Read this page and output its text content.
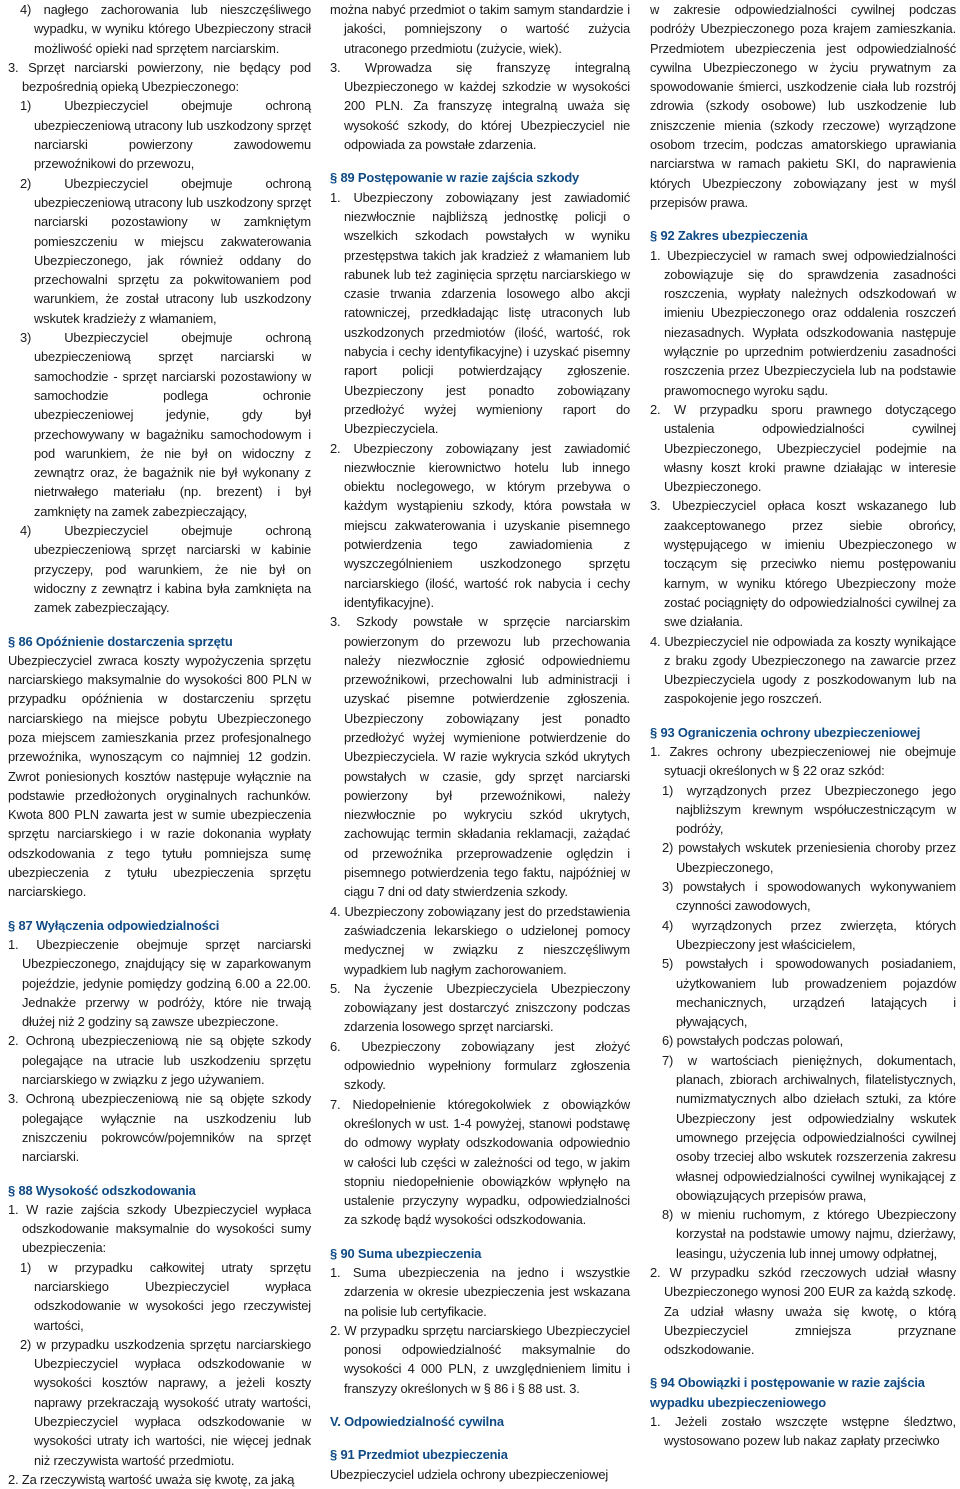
4) nagłego zachorowania lub nieszczęśliwego wypadku, w wyniku którego Ubezpieczony stracił możliwość opieki nad sprzętem narciarskim.

3. Sprzęt narciarski powierzony, nie będący pod bezpośrednią opieką Ubezpieczonego:

1) Ubezpieczyciel obejmuje ochroną ubezpieczeniową utracony lub uszkodzony sprzęt narciarski powierzony zawodowemu przewoźnikowi do przewozu,

2) Ubezpieczyciel obejmuje ochroną ubezpieczeniową utracony lub uszkodzony sprzęt narciarski pozostawiony w zamkniętym pomieszczeniu w miejscu zakwaterowania Ubezpieczonego, jak również oddany do przechowalni sprzętu za pokwitowaniem pod warunkiem, że został utracony lub uszkodzony wskutek kradzieży z włamaniem,

3) Ubezpieczyciel obejmuje ochroną ubezpieczeniową sprzęt narciarski w samochodzie - sprzęt narciarski pozostawiony w samochodzie podlega ochronie ubezpieczeniowej jedynie, gdy był przechowywany w bagażniku samochodowym i pod warunkiem, że nie był on widoczny z zewnątrz oraz, że bagażnik nie był wykonany z nietrwałego materiału (np. brezent) i był zamknięty na zamek zabezpieczający,

4) Ubezpieczyciel obejmuje ochroną ubezpieczeniową sprzęt narciarski w kabinie przyczepy, pod warunkiem, że nie był on widoczny z zewnątrz i kabina była zamknięta na zamek zabezpieczający.

§ 86 Opóźnienie dostarczenia sprzętu

Ubezpieczyciel zwraca koszty wypożyczenia sprzętu narciarskiego maksymalnie do wysokości 800 PLN w przypadku opóźnienia w dostarczeniu sprzętu narciarskiego na miejsce pobytu Ubezpieczonego poza miejscem zamieszkania przez profesjonalnego przewoźnika, wynoszącym co najmniej 12 godzin. Zwrot poniesionych kosztów następuje wyłącznie na podstawie przedłożonych oryginalnych rachunków. Kwota 800 PLN zawarta jest w sumie ubezpieczenia sprzętu narciarskiego i w razie dokonania wypłaty odszkodowania z tego tytułu pomniejsza sumę ubezpieczenia z tytułu ubezpieczenia sprzętu narciarskiego.

§ 87 Wyłączenia odpowiedzialności

1. Ubezpieczenie obejmuje sprzęt narciarski Ubezpieczonego, znajdujący się w zaparkowanym pojeździe, jedynie pomiędzy godziną 6.00 a 22.00. Jednakże przerwy w podróży, które nie trwają dłużej niż 2 godziny są zawsze ubezpieczone.

2. Ochroną ubezpieczeniową nie są objęte szkody polegające na utracie lub uszkodzeniu sprzętu narciarskiego w związku z jego używaniem.

3. Ochroną ubezpieczeniową nie są objęte szkody polegające wyłącznie na uszkodzeniu lub zniszczeniu pokrowców/pojemników na sprzęt narciarski.

§ 88 Wysokość odszkodowania

1. W razie zajścia szkody Ubezpieczyciel wypłaca odszkodowanie maksymalnie do wysokości sumy ubezpieczenia:

1) w przypadku całkowitej utraty sprzętu narciarskiego Ubezpieczyciel wypłaca odszkodowanie w wysokości jego rzeczywistej wartości,

2) w przypadku uszkodzenia sprzętu narciarskiego Ubezpieczyciel wypłaca odszkodowanie w wysokości kosztów naprawy, a jeżeli koszty naprawy przekraczają wysokość utraty wartości, Ubezpieczyciel wypłaca odszkodowanie w wysokości utraty ich wartości, nie więcej jednak niż rzeczywista wartość przedmiotu.

2. Za rzeczywistą wartość uważa się kwotę, za jaką

można nabyć przedmiot o takim samym standardzie i jakości, pomniejszony o wartość zużycia utraconego przedmiotu (zużycie, wiek).

3. Wprowadza się franszyzę integralną Ubezpieczonego w każdej szkodzie w wysokości 200 PLN. Za franszyzę integralną uważa się wysokość szkody, do której Ubezpieczyciel nie odpowiada za powstałe zdarzenia.

§ 89 Postępowanie w razie zajścia szkody

1. Ubezpieczony zobowiązany jest zawiadomić niezwłocznie najbliższą jednostkę policji o wszelkich szkodach powstałych w wyniku przestępstwa takich jak kradzież z włamaniem lub rabunek lub też zaginięcia sprzętu narciarskiego w czasie trwania zdarzenia losowego albo akcji ratowniczej, przedkładając listę utraconych lub uszkodzonych przedmiotów (ilość, wartość, rok nabycia i cechy identyfikacyjne) i uzyskać pisemny raport policji potwierdzający zgłoszenie. Ubezpieczony jest ponadto zobowiązany przedłożyć wyżej wymieniony raport do Ubezpieczyciela.

2. Ubezpieczony zobowiązany jest zawiadomić niezwłocznie kierownictwo hotelu lub innego obiektu noclegowego, w którym przebywa o każdym wystąpieniu szkody, która powstała w miejscu zakwaterowania i uzyskanie pisemnego potwierdzenia tego zawiadomienia z wyszczególnieniem uszkodzonego sprzętu narciarskiego (ilość, wartość rok nabycia i cechy identyfikacyjne).

3. Szkody powstałe w sprzęcie narciarskim powierzonym do przewozu lub przechowania należy niezwłocznie zgłosić odpowiedniemu przewoźnikowi, przechowalni lub administracji i uzyskać pisemne potwierdzenie zgłoszenia. Ubezpieczony zobowiązany jest ponadto przedłożyć wyżej wymienione potwierdzenie do Ubezpieczyciela. W razie wykrycia szkód ukrytych powstałych w czasie, gdy sprzęt narciarski powierzony był przewoźnikowi, należy niezwłocznie po wykryciu szkód ukrytych, zachowując termin składania reklamacji, zażądać od przewoźnika przeprowadzenie oględzin i pisemnego potwierdzenia tego faktu, najpóźniej w ciągu 7 dni od daty stwierdzenia szkody.

4. Ubezpieczony zobowiązany jest do przedstawienia zaświadczenia lekarskiego o udzielonej pomocy medycznej w związku z nieszczęśliwym wypadkiem lub nagłym zachorowaniem.

5. Na życzenie Ubezpieczyciela Ubezpieczony zobowiązany jest dostarczyć zniszczony podczas zdarzenia losowego sprzęt narciarski.

6. Ubezpieczony zobowiązany jest złożyć odpowiednio wypełniony formularz zgłoszenia szkody.

7. Niedopełnienie któregokolwiek z obowiązków określonych w ust. 1-4 powyżej, stanowi podstawę do odmowy wypłaty odszkodowania odpowiednio w całości lub części w zależności od tego, w jakim stopniu niedopełnienie obowiązków wpłynęło na ustalenie przyczyny wypadku, odpowiedzialności za szkodę bądź wysokości odszkodowania.

§ 90 Suma ubezpieczenia

1. Suma ubezpieczenia na jedno i wszystkie zdarzenia w okresie ubezpieczenia jest wskazana na polisie lub certyfikacie.

2. W przypadku sprzętu narciarskiego Ubezpieczyciel ponosi odpowiedzialność maksymalnie do wysokości 4 000 PLN, z uwzględnieniem limitu i franszyzy określonych w § 86 i § 88 ust. 3.

V. Odpowiedzialność cywilna

§ 91 Przedmiot ubezpieczenia

Ubezpieczyciel udziela ochrony ubezpieczeniowej

w zakresie odpowiedzialności cywilnej podczas podróży Ubezpieczonego poza krajem zamieszkania. Przedmiotem ubezpieczenia jest odpowiedzialność cywilna Ubezpieczonego w życiu prywatnym za spowodowanie śmierci, uszkodzenie ciała lub rozstrój zdrowia (szkody osobowe) lub uszkodzenie lub zniszczenie mienia (szkody rzeczowe) wyrządzone osobom trzecim, podczas amatorskiego uprawiania narciarstwa w ramach pakietu SKI, do naprawienia których Ubezpieczony zobowiązany jest w myśl przepisów prawa.

§ 92 Zakres ubezpieczenia

1. Ubezpieczyciel w ramach swej odpowiedzialności zobowiązuje się do sprawdzenia zasadności roszczenia, wypłaty należnych odszkodowań w imieniu Ubezpieczonego oraz oddalenia roszczeń niezasadnych. Wypłata odszkodowania następuje wyłącznie po uprzednim potwierdzeniu zasadności roszczenia przez Ubezpieczyciela lub na podstawie prawomocnego wyroku sądu.

2. W przypadku sporu prawnego dotyczącego ustalenia odpowiedzialności cywilnej Ubezpieczonego, Ubezpieczyciel podejmie na własny koszt kroki prawne działając w interesie Ubezpieczonego.

3. Ubezpieczyciel opłaca koszt wskazanego lub zaakceptowanego przez siebie obrońcy, występującego w imieniu Ubezpieczonego w toczącym się przeciwko niemu postępowaniu karnym, w wyniku którego Ubezpieczony może zostać pociągnięty do odpowiedzialności cywilnej za swe działania.

4. Ubezpieczyciel nie odpowiada za koszty wynikające z braku zgody Ubezpieczonego na zawarcie przez Ubezpieczyciela ugody z poszkodowanym lub na zaspokojenie jego roszczeń.

§ 93 Ograniczenia ochrony ubezpieczeniowej

1. Zakres ochrony ubezpieczeniowej nie obejmuje sytuacji określonych w § 22 oraz szkód:

1) wyrządzonych przez Ubezpieczonego jego najbliższym krewnym współuczestniczącym w podróży,

2) powstałych wskutek przeniesienia choroby przez Ubezpieczonego,

3) powstałych i spowodowanych wykonywaniem czynności zawodowych,

4) wyrządzonych przez zwierzęta, których Ubezpieczony jest właścicielem,

5) powstałych i spowodowanych posiadaniem, użytkowaniem lub prowadzeniem pojazdów mechanicznych, urządzeń latających i pływających,

6) powstałych podczas polowań,

7) w wartościach pieniężnych, dokumentach, planach, zbiorach archiwalnych, filatelistycznych, numizmatycznych albo dziełach sztuki, za które Ubezpieczony jest odpowiedzialny wskutek umownego przejęcia odpowiedzialności cywilnej osoby trzeciej albo wskutek rozszerzenia zakresu własnej odpowiedzialności cywilnej wynikającej z obowiązujących przepisów prawa,

8) w mieniu ruchomym, z którego Ubezpieczony korzystał na podstawie umowy najmu, dzierżawy, leasingu, użyczenia lub innej umowy odpłatnej,

2. W przypadku szkód rzeczowych udział własny Ubezpieczonego wynosi 200 EUR za każdą szkodę. Za udział własny uważa się kwotę, o którą Ubezpieczyciel zmniejsza przyznane odszkodowanie.

§ 94 Obowiązki i postępowanie w razie zajścia wypadku ubezpieczeniowego

1. Jeżeli zostało wszczęte wstępne śledztwo, wystosowano pozew lub nakaz zapłaty przeciwko
